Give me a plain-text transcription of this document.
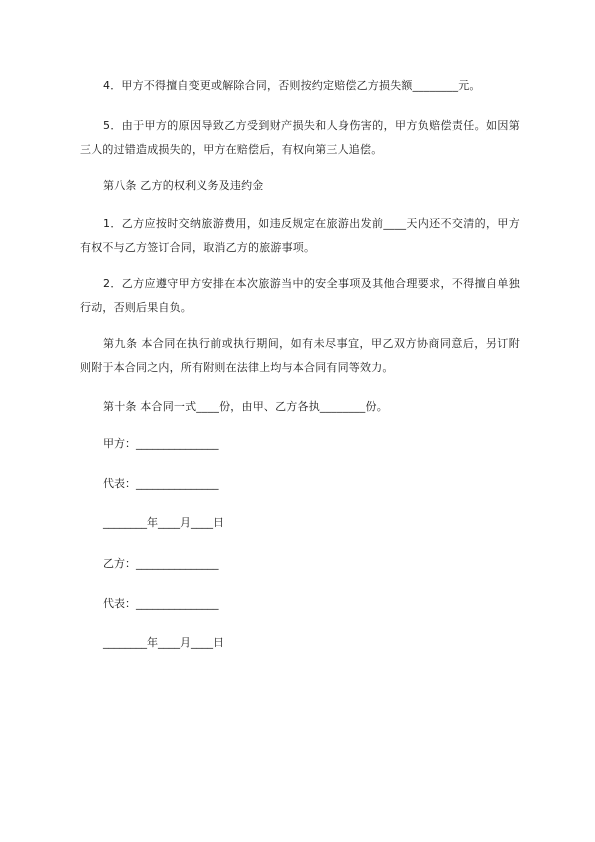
4．甲方不得擅自变更或解除合同，否则按约定赔偿乙方损失额________元。

5．由于甲方的原因导致乙方受到财产损失和人身伤害的，甲方负赔偿责任。如因第三人的过错造成损失的，甲方在赔偿后，有权向第三人追偿。

第八条 乙方的权利义务及违约金

1．乙方应按时交纳旅游费用，如违反规定在旅游出发前____天内还不交清的，甲方有权不与乙方签订合同，取消乙方的旅游事项。

2．乙方应遵守甲方安排在本次旅游当中的安全事项及其他合理要求，不得擅自单独行动，否则后果自负。

第九条 本合同在执行前或执行期间，如有未尽事宜，甲乙双方协商同意后，另订附则附于本合同之内，所有附则在法律上均与本合同有同等效力。

第十条 本合同一式____份，由甲、乙方各执________份。

甲方：_______________

代表：_______________

________年____月____日

乙方：_______________

代表：_______________

________年____月____日
